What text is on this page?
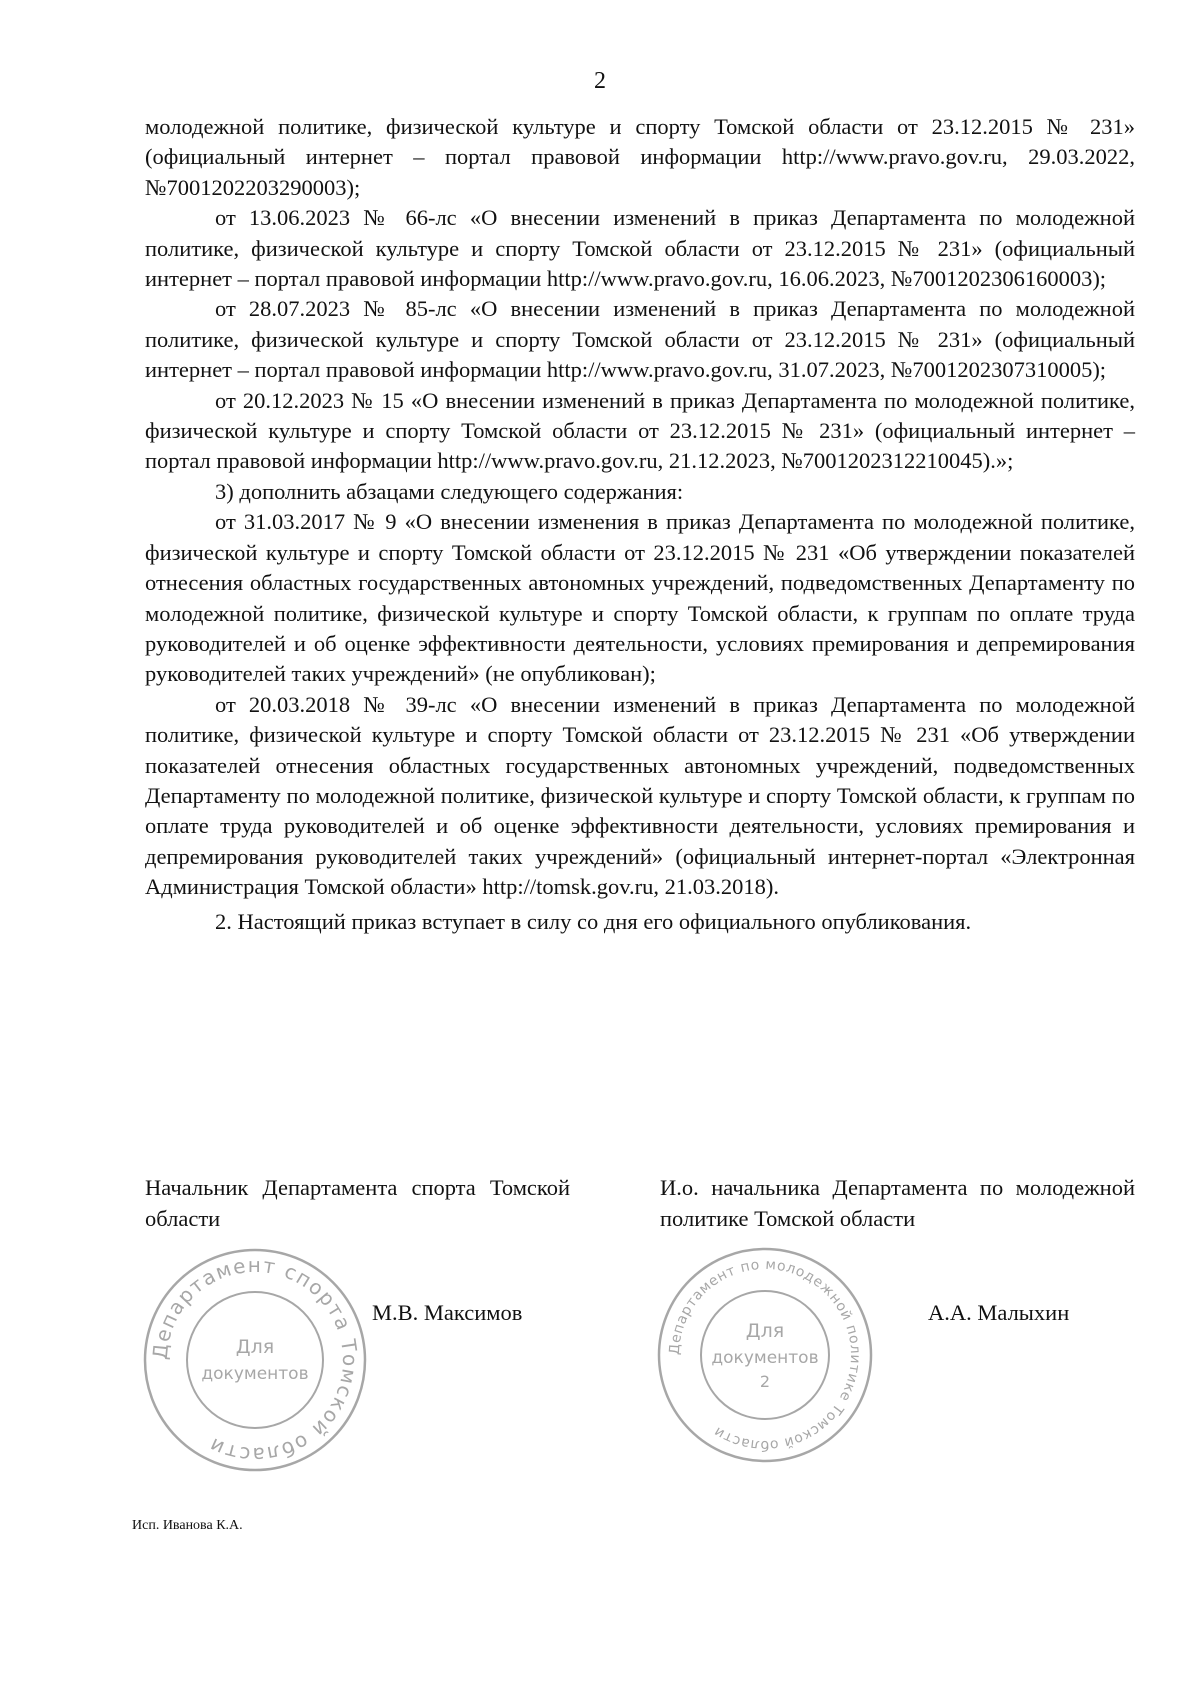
2

молодежной политике, физической культуре и спорту Томской области от 23.12.2015 № 231» (официальный интернет – портал правовой информации http://www.pravo.gov.ru, 29.03.2022, №7001202203290003);

от 13.06.2023 № 66-лс «О внесении изменений в приказ Департамента по молодежной политике, физической культуре и спорту Томской области от 23.12.2015 № 231» (официальный интернет – портал правовой информации http://www.pravo.gov.ru, 16.06.2023, №7001202306160003);

от 28.07.2023 № 85-лс «О внесении изменений в приказ Департамента по молодежной политике, физической культуре и спорту Томской области от 23.12.2015 № 231» (официальный интернет – портал правовой информации http://www.pravo.gov.ru, 31.07.2023, №7001202307310005);

от 20.12.2023 № 15 «О внесении изменений в приказ Департамента по молодежной политике, физической культуре и спорту Томской области от 23.12.2015 № 231» (официальный интернет – портал правовой информации http://www.pravo.gov.ru, 21.12.2023, №7001202312210045).»;

3) дополнить абзацами следующего содержания:

от 31.03.2017 № 9 «О внесении изменения в приказ Департамента по молодежной политике, физической культуре и спорту Томской области от 23.12.2015 № 231 «Об утверждении показателей отнесения областных государственных автономных учреждений, подведомственных Департаменту по молодежной политике, физической культуре и спорту Томской области, к группам по оплате труда руководителей и об оценке эффективности деятельности, условиях премирования и депремирования руководителей таких учреждений» (не опубликован);

от 20.03.2018 № 39-лс «О внесении изменений в приказ Департамента по молодежной политике, физической культуре и спорту Томской области от 23.12.2015 № 231 «Об утверждении показателей отнесения областных государственных автономных учреждений, подведомственных Департаменту по молодежной политике, физической культуре и спорту Томской области, к группам по оплате труда руководителей и об оценке эффективности деятельности, условиях премирования и депремирования руководителей таких учреждений» (официальный интернет-портал «Электронная Администрация Томской области» http://tomsk.gov.ru, 21.03.2018).

2. Настоящий приказ вступает в силу со дня его официального опубликования.

Начальник Департамента спорта Томской области
И.о. начальника Департамента по молодежной политике Томской области
Департамент спорта Томской области
Для
документов
М.В. Максимов
Департамент по молодежной политике Томской области
Для
документов
2
А.А. Малыхин
Исп. Иванова К.А.
